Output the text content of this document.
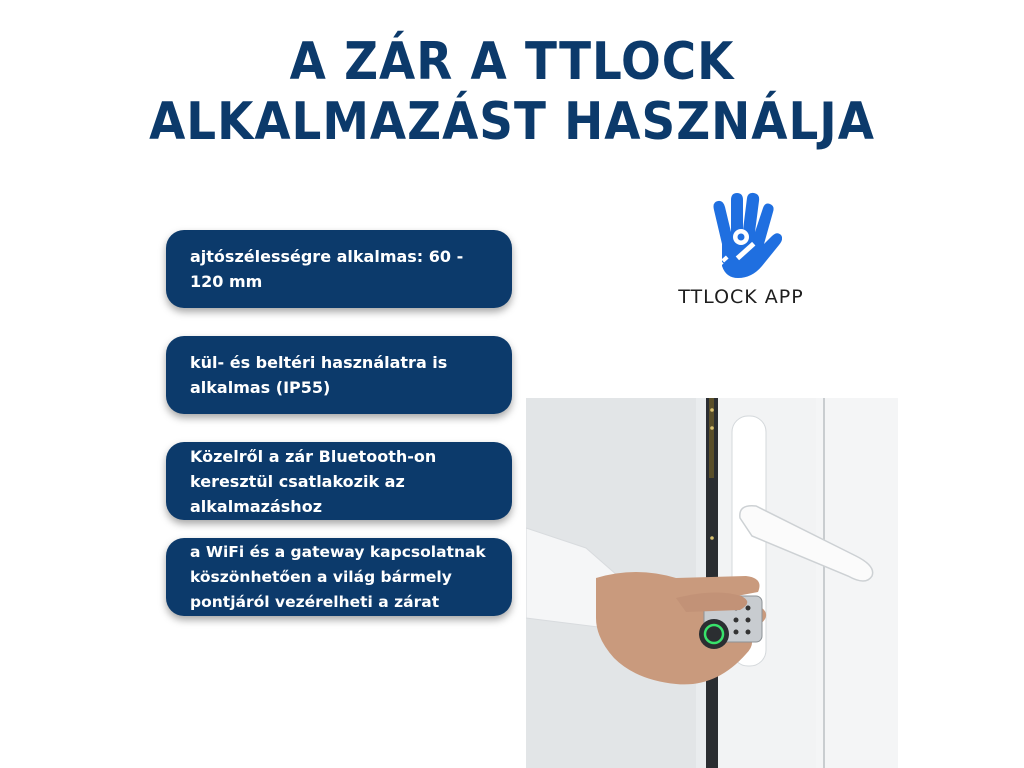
A ZÁR A TTLOCK
ALKALMAZÁST HASZNÁLJA

ajtószélességre alkalmas: 60 - 120 mm

kül- és beltéri használatra is alkalmas (IP55)

Közelről a zár Bluetooth-on keresztül csatlakozik az alkalmazáshoz

a WiFi és a gateway kapcsolatnak köszönhetően a világ bármely pontjáról vezérelheti a zárat

TTLOCK APP
